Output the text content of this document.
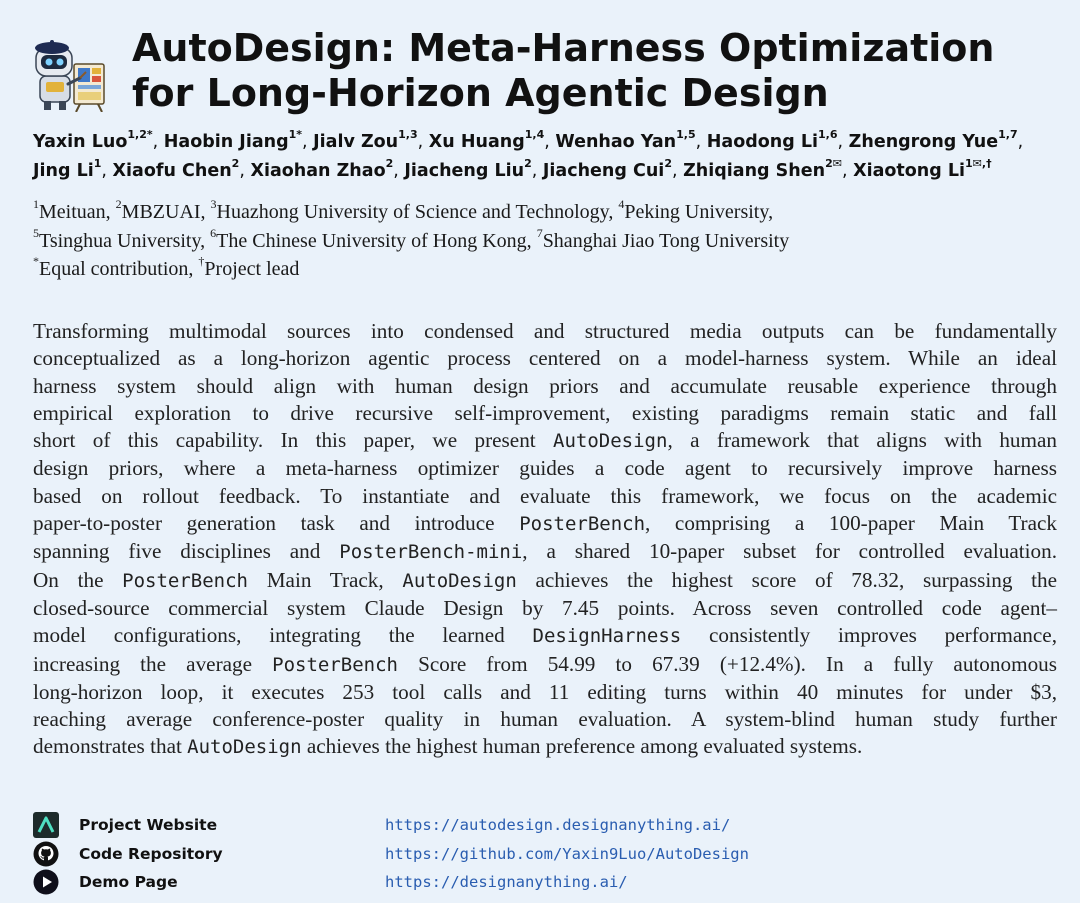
AutoDesign: Meta-Harness Optimization
for Long-Horizon Agentic Design
Yaxin Luo$^{1,2*}$, Haobin Jiang$^{1*}$, Jialv Zou$^{1,3}$, Xu Huang$^{1,4}$, Wenhao Yan$^{1,5}$, Haodong Li$^{1,6}$, Zhengrong Yue$^{1,7}$,
Jing Li$^1$, Xiaofu Chen$^2$, Xiaohan Zhao$^2$, Jiacheng Liu$^2$, Jiacheng Cui$^2$, Zhiqiang Shen$^{2✉}$, Xiaotong $Li^{1✉,\dagger}$
$^1$Meituan, $^2$MBZUAI, $^3$Huazhong University of Science and Technology, $^4$Peking University,
$^5$Tsinghua University, $^6$The Chinese University of Hong Kong, $^7$Shanghai Jiao Tong University
*Equal contribution, †Project lead
Transforming multimodal sources into condensed and structured media outputs can be fundamentally
conceptualized as a long-horizon agentic process centered on a model-harness system. While an ideal
harness system should align with human design priors and accumulate reusable experience through
empirical exploration to drive recursive self-improvement, existing paradigms remain static and fall
short of this capability. In this paper, we present AutoDesign, a framework that aligns with human
design priors, where a meta-harness optimizer guides a code agent to recursively improve harness
based on rollout feedback. To instantiate and evaluate this framework, we focus on the academic
paper-to-poster generation task and introduce PosterBench, comprising a 100-paper Main Track
spanning five disciplines and PosterBench-mini, a shared 10-paper subset for controlled evaluation.
On the PosterBench Main Track, AutoDesign achieves the highest score of 78.32, surpassing the
closed-source commercial system Claude Design by 7.45 points. Across seven controlled code agent–
model configurations, integrating the learned DesignHarness consistently improves performance,
increasing the average PosterBench Score from 54.99 to 67.39 (+12.4%). In a fully autonomous
long-horizon loop, it executes 253 tool calls and 11 editing turns within 40 minutes for under $3,
reaching average conference-poster quality in human evaluation. A system-blind human study further
demonstrates that AutoDesign achieves the highest human preference among evaluated systems.
Project Website	https://autodesign.designanything.ai/
Code Repository	https://github.com/Yaxin9Luo/AutoDesign
Demo Page	https://designanything.ai/
